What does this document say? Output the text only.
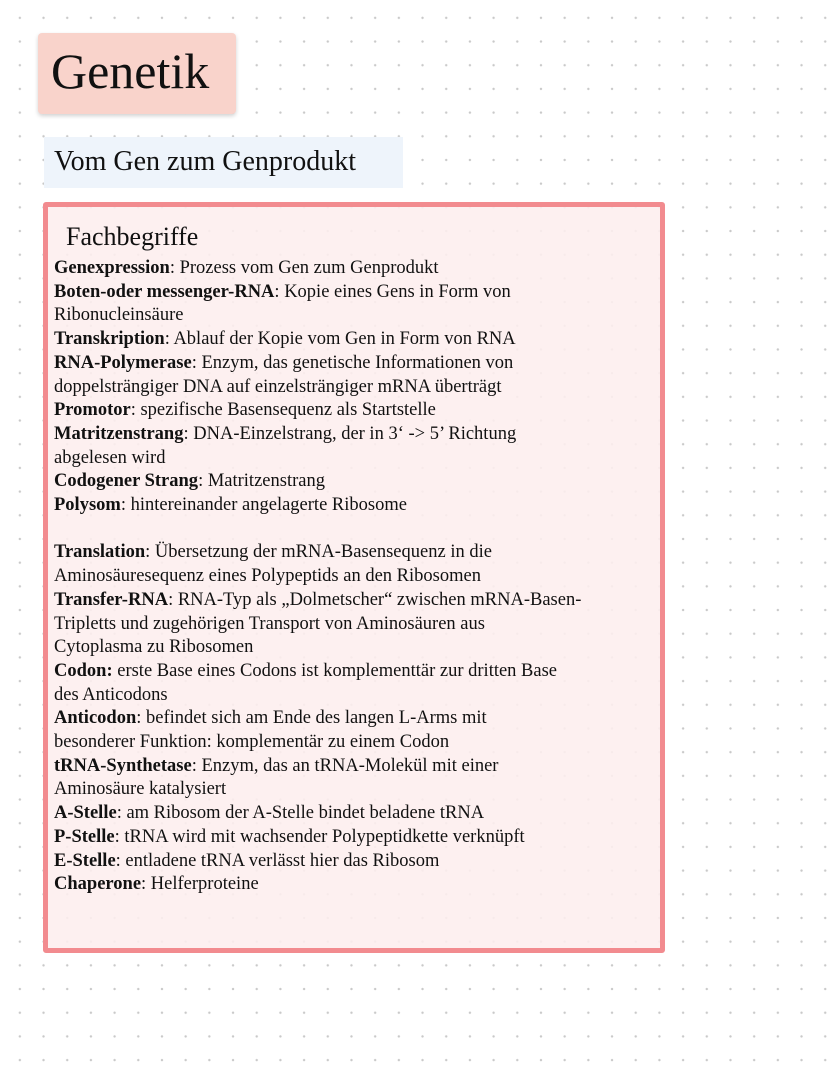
Genetik
Vom Gen zum Genprodukt
Fachbegriffe
Genexpression: Prozess vom Gen zum Genprodukt
Boten-oder messenger-RNA: Kopie eines Gens in Form von
Ribonucleinsäure
Transkription: Ablauf der Kopie vom Gen in Form von RNA
RNA-Polymerase: Enzym, das genetische Informationen von
doppelsträngiger DNA auf einzelsträngiger mRNA überträgt
Promotor: spezifische Basensequenz als Startstelle
Matritzenstrang: DNA-Einzelstrang, der in 3‘ -> 5’ Richtung
abgelesen wird
Codogener Strang: Matritzenstrang
Polysom: hintereinander angelagerte Ribosome
Translation: Übersetzung der mRNA-Basensequenz in die
Aminosäuresequenz eines Polypeptids an den Ribosomen
Transfer-RNA: RNA-Typ als „Dolmetscher“ zwischen mRNA-Basen-
Tripletts und zugehörigen Transport von Aminosäuren aus
Cytoplasma zu Ribosomen
Codon: erste Base eines Codons ist komplementtär zur dritten Base
des Anticodons
Anticodon: befindet sich am Ende des langen L-Arms mit
besonderer Funktion: komplementär zu einem Codon
tRNA-Synthetase: Enzym, das an tRNA-Molekül mit einer
Aminosäure katalysiert
A-Stelle: am Ribosom der A-Stelle bindet beladene tRNA
P-Stelle: tRNA wird mit wachsender Polypeptidkette verknüpft
E-Stelle: entladene tRNA verlässt hier das Ribosom
Chaperone: Helferproteine
